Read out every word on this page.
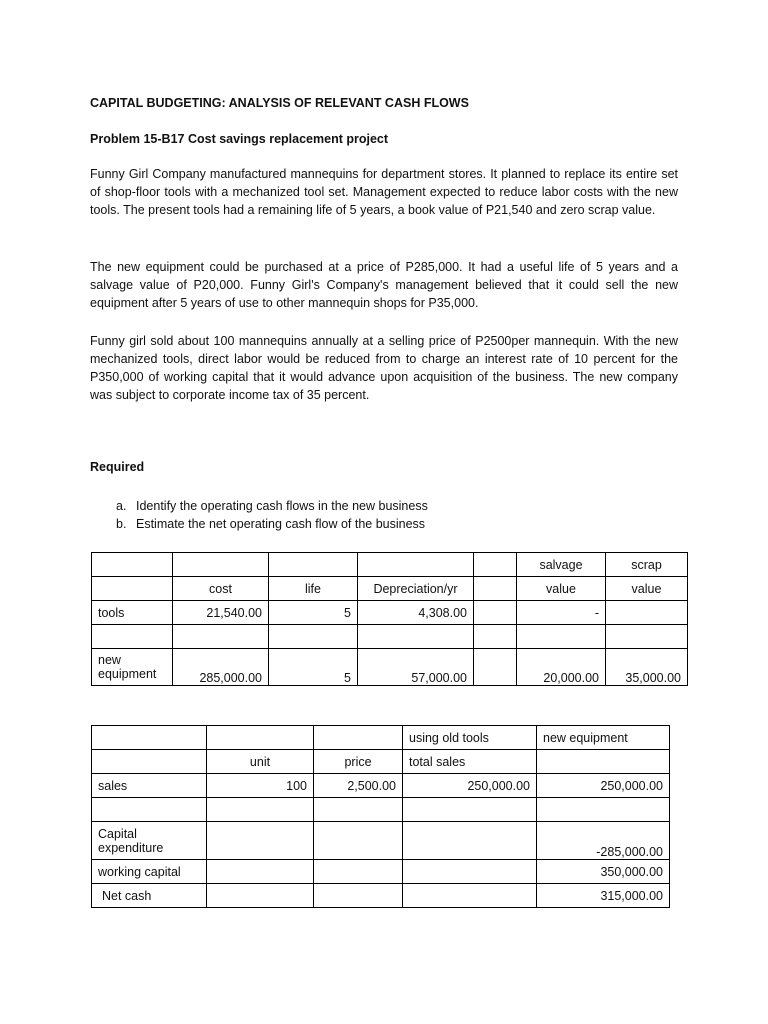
CAPITAL BUDGETING: ANALYSIS OF RELEVANT CASH FLOWS
Problem 15-B17 Cost savings replacement project

Funny Girl Company manufactured mannequins for department stores. It planned to replace its entire set of shop-floor tools with a mechanized tool set. Management expected to reduce labor costs with the new tools. The present tools had a remaining life of 5 years, a book value of P21,540 and zero scrap value.

The new equipment could be purchased at a price of P285,000. It had a useful life of 5 years and a salvage value of P20,000. Funny Girl's Company's management believed that it could sell the new equipment after 5 years of use to other mannequin shops for P35,000.

Funny girl sold about 100 mannequins annually at a selling price of P2500per mannequin. With the new mechanized tools, direct labor would be reduced from to charge an interest rate of 10 percent for the P350,000 of working capital that it would advance upon acquisition of the business. The new company was subject to corporate income tax of 35 percent.

Required
a. Identify the operating cash flows in the new business
b. Estimate the net operating cash flow of the business
					salvage	scrap
	cost	life	Depreciation/yr		value	value
tools	21,540.00	5	4,308.00		-	

new
equipment	285,000.00	5	57,000.00		20,000.00	35,000.00
			using old tools	new equipment
	unit	price	total sales	
sales	100	2,500.00	250,000.00	250,000.00

Capital
expenditure				-285,000.00
working capital				350,000.00
Net cash				315,000.00
